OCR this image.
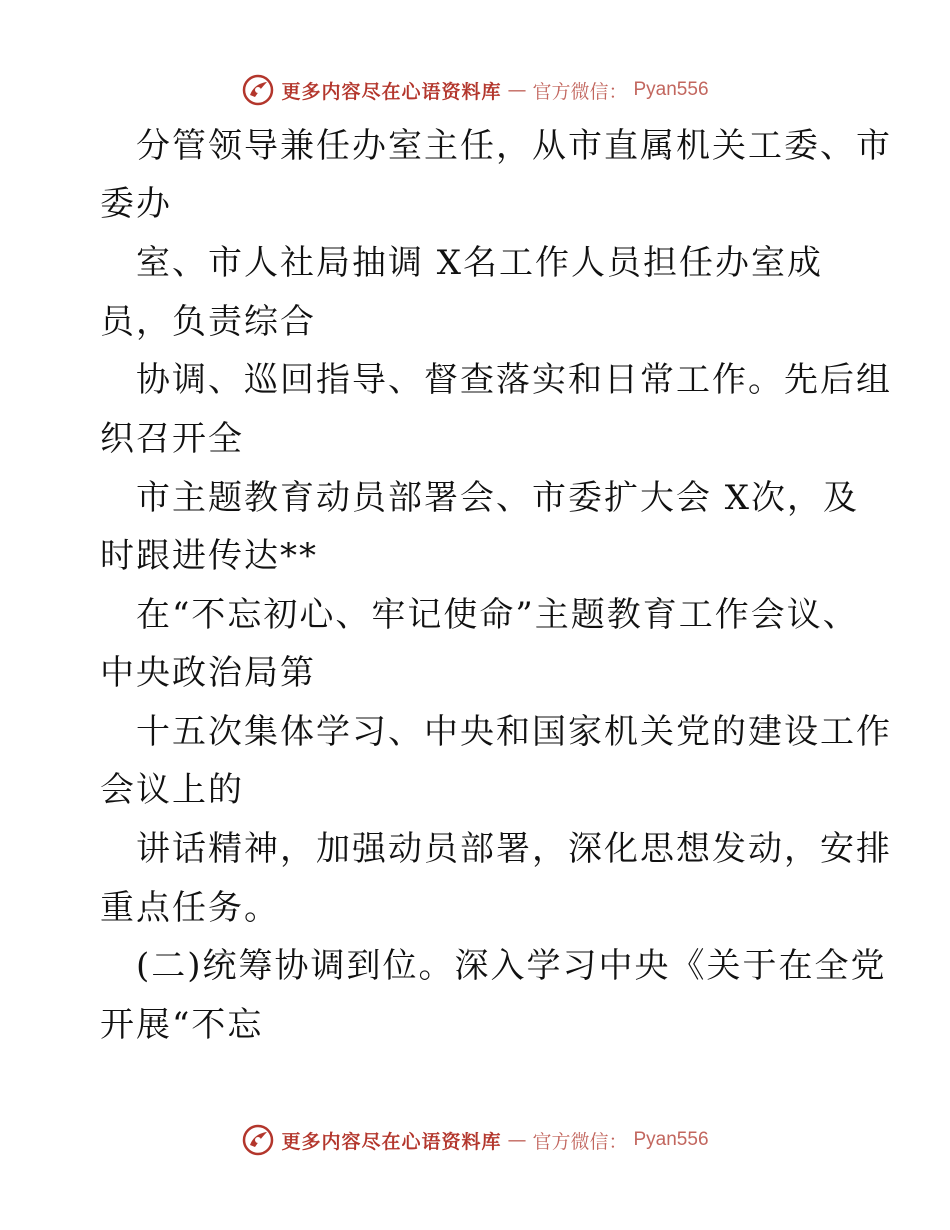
更多内容尽在心语资料库 — 官方微信： Pyan556
分管领导兼任办室主任，从市直属机关工委、市
委办
室、市人社局抽调 X名工作人员担任办室成
员，负责综合
协调、巡回指导、督查落实和日常工作。先后组
织召开全
市主题教育动员部署会、市委扩大会 X次，及
时跟进传达**
在“不忘初心、牢记使命”主题教育工作会议、
中央政治局第
十五次集体学习、中央和国家机关党的建设工作
会议上的
讲话精神，加强动员部署，深化思想发动，安排
重点任务。
(二)统筹协调到位。深入学习中央《关于在全党
开展“不忘
更多内容尽在心语资料库 — 官方微信： Pyan556
